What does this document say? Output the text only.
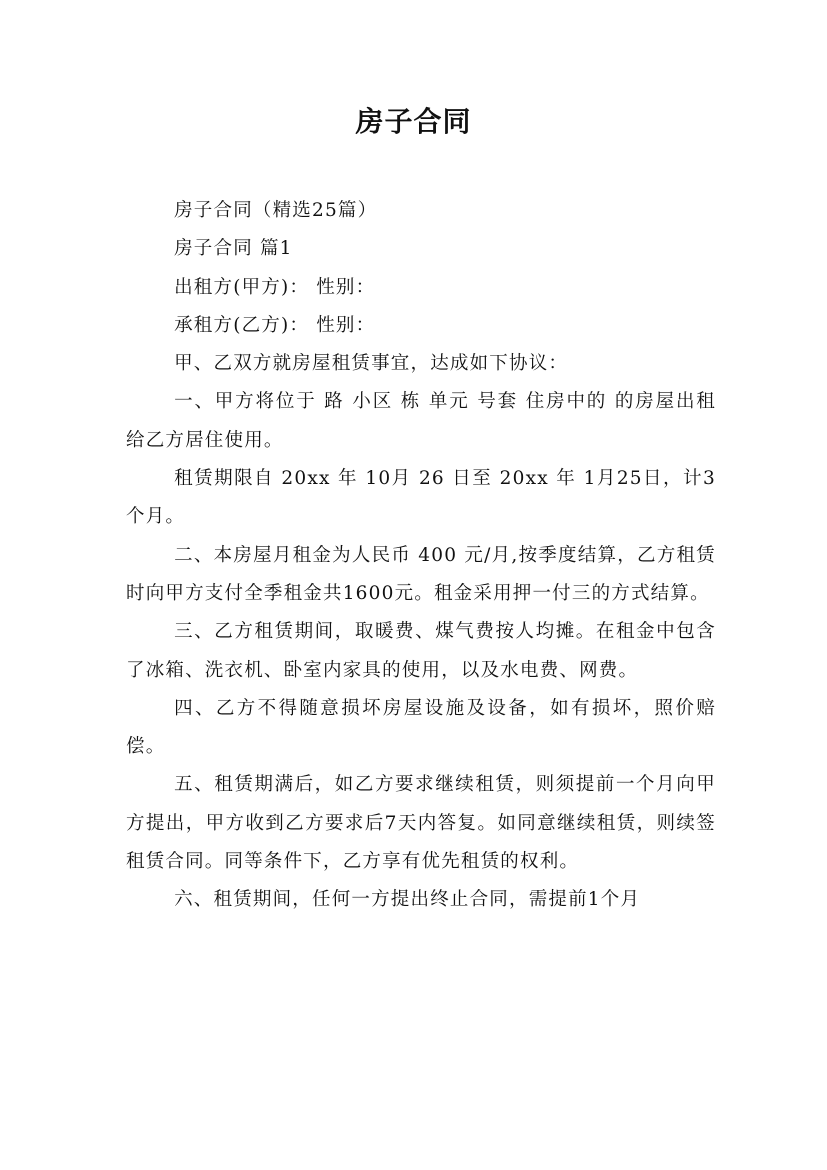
房子合同

房子合同（精选25篇）

房子合同 篇1

出租方(甲方)： 性别：

承租方(乙方)： 性别：

甲、乙双方就房屋租赁事宜，达成如下协议：

一、甲方将位于 路 小区 栋 单元 号套 住房中的 的房屋出租给乙方居住使用。

租赁期限自 20xx 年 10月 26 日至 20xx 年 1月25日，计3个月。

二、本房屋月租金为人民币 400 元/月,按季度结算，乙方租赁时向甲方支付全季租金共1600元。租金采用押一付三的方式结算。

三、乙方租赁期间，取暖费、煤气费按人均摊。在租金中包含了冰箱、洗衣机、卧室内家具的使用，以及水电费、网费。

四、乙方不得随意损坏房屋设施及设备，如有损坏，照价赔偿。

五、租赁期满后，如乙方要求继续租赁，则须提前一个月向甲方提出，甲方收到乙方要求后7天内答复。如同意继续租赁，则续签租赁合同。同等条件下，乙方享有优先租赁的权利。

六、租赁期间，任何一方提出终止合同，需提前1个月
